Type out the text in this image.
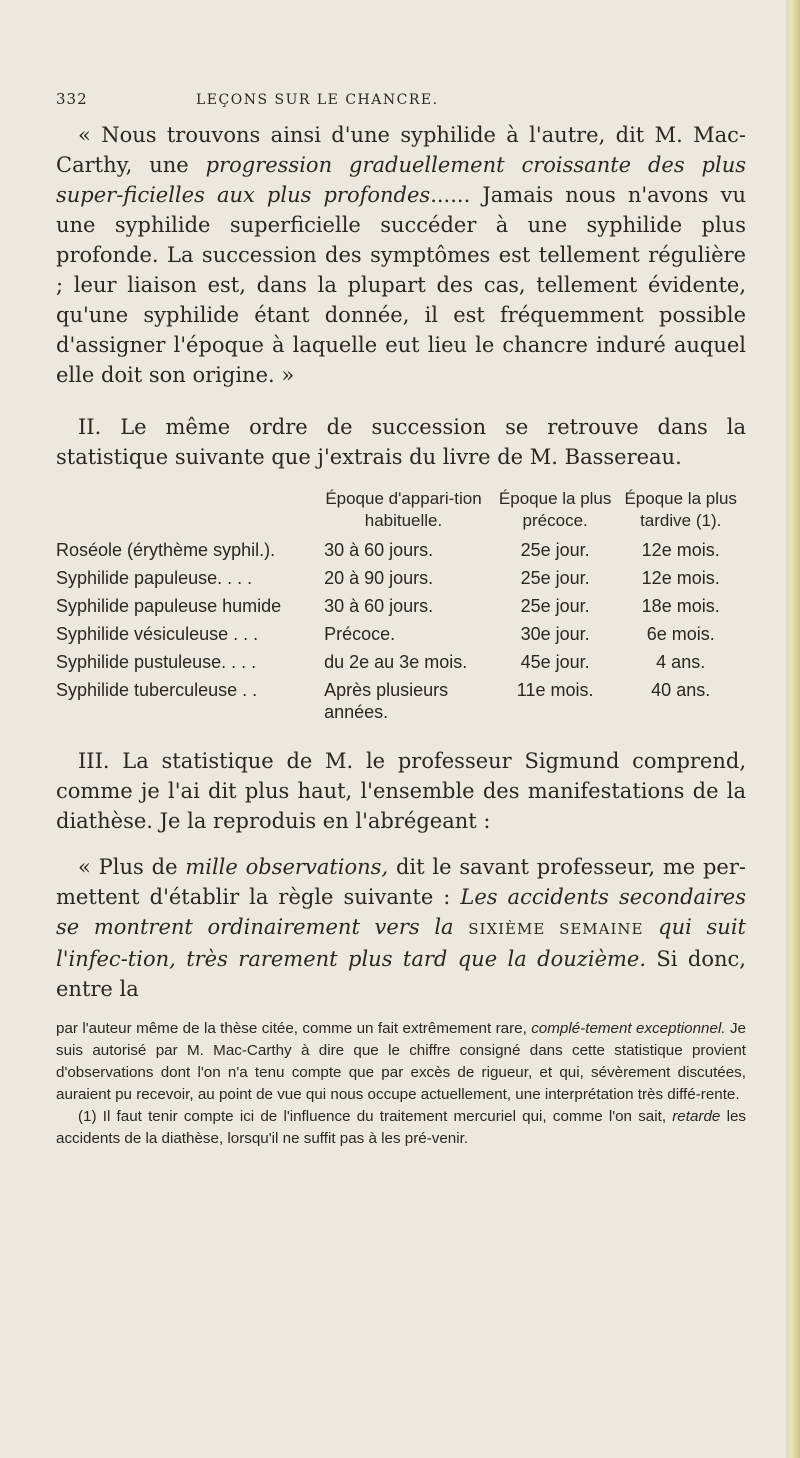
332	LEÇONS SUR LE CHANCRE.

« Nous trouvons ainsi d'une syphilide à l'autre, dit M. Mac-Carthy, une progression graduellement croissante des plus super-ficielles aux plus profondes...... Jamais nous n'avons vu une syphilide superficielle succéder à une syphilide plus profonde. La succession des symptômes est tellement régulière ; leur liaison est, dans la plupart des cas, tellement évidente, qu'une syphilide étant donnée, il est fréquemment possible d'assigner l'époque à laquelle eut lieu le chancre induré auquel elle doit son origine. »

II. Le même ordre de succession se retrouve dans la statistique suivante que j'extrais du livre de M. Bassereau.

	Époque d'appari-tion habituelle.	Époque la plus précoce.	Époque la plus tardive (1).
Roséole (érythème syphil.).	30 à 60 jours.	25e jour.	12e mois.
Syphilide papuleuse. . . .	20 à 90 jours.	25e jour.	12e mois.
Syphilide papuleuse humide	30 à 60 jours.	25e jour.	18e mois.
Syphilide vésiculeuse . . .	Précoce.	30e jour.	6e mois.
Syphilide pustuleuse. . . .	du 2e au 3e mois.	45e jour.	4 ans.
Syphilide tuberculeuse . .	Après plusieurs années.	11e mois.	40 ans.

III. La statistique de M. le professeur Sigmund comprend, comme je l'ai dit plus haut, l'ensemble des manifestations de la diathèse. Je la reproduis en l'abrégeant :

« Plus de mille observations, dit le savant professeur, me per-mettent d'établir la règle suivante : Les accidents secondaires se montrent ordinairement vers la SIXIÈME SEMAINE qui suit l'infec-tion, très rarement plus tard que la douzième. Si donc, entre la

par l'auteur même de la thèse citée, comme un fait extrêmement rare, complé-tement exceptionnel. Je suis autorisé par M. Mac-Carthy à dire que le chiffre consigné dans cette statistique provient d'observations dont l'on n'a tenu compte que par excès de rigueur, et qui, sévèrement discutées, auraient pu recevoir, au point de vue qui nous occupe actuellement, une interprétation très diffé-rente.

(1) Il faut tenir compte ici de l'influence du traitement mercuriel qui, comme l'on sait, retarde les accidents de la diathèse, lorsqu'il ne suffit pas à les pré-venir.
